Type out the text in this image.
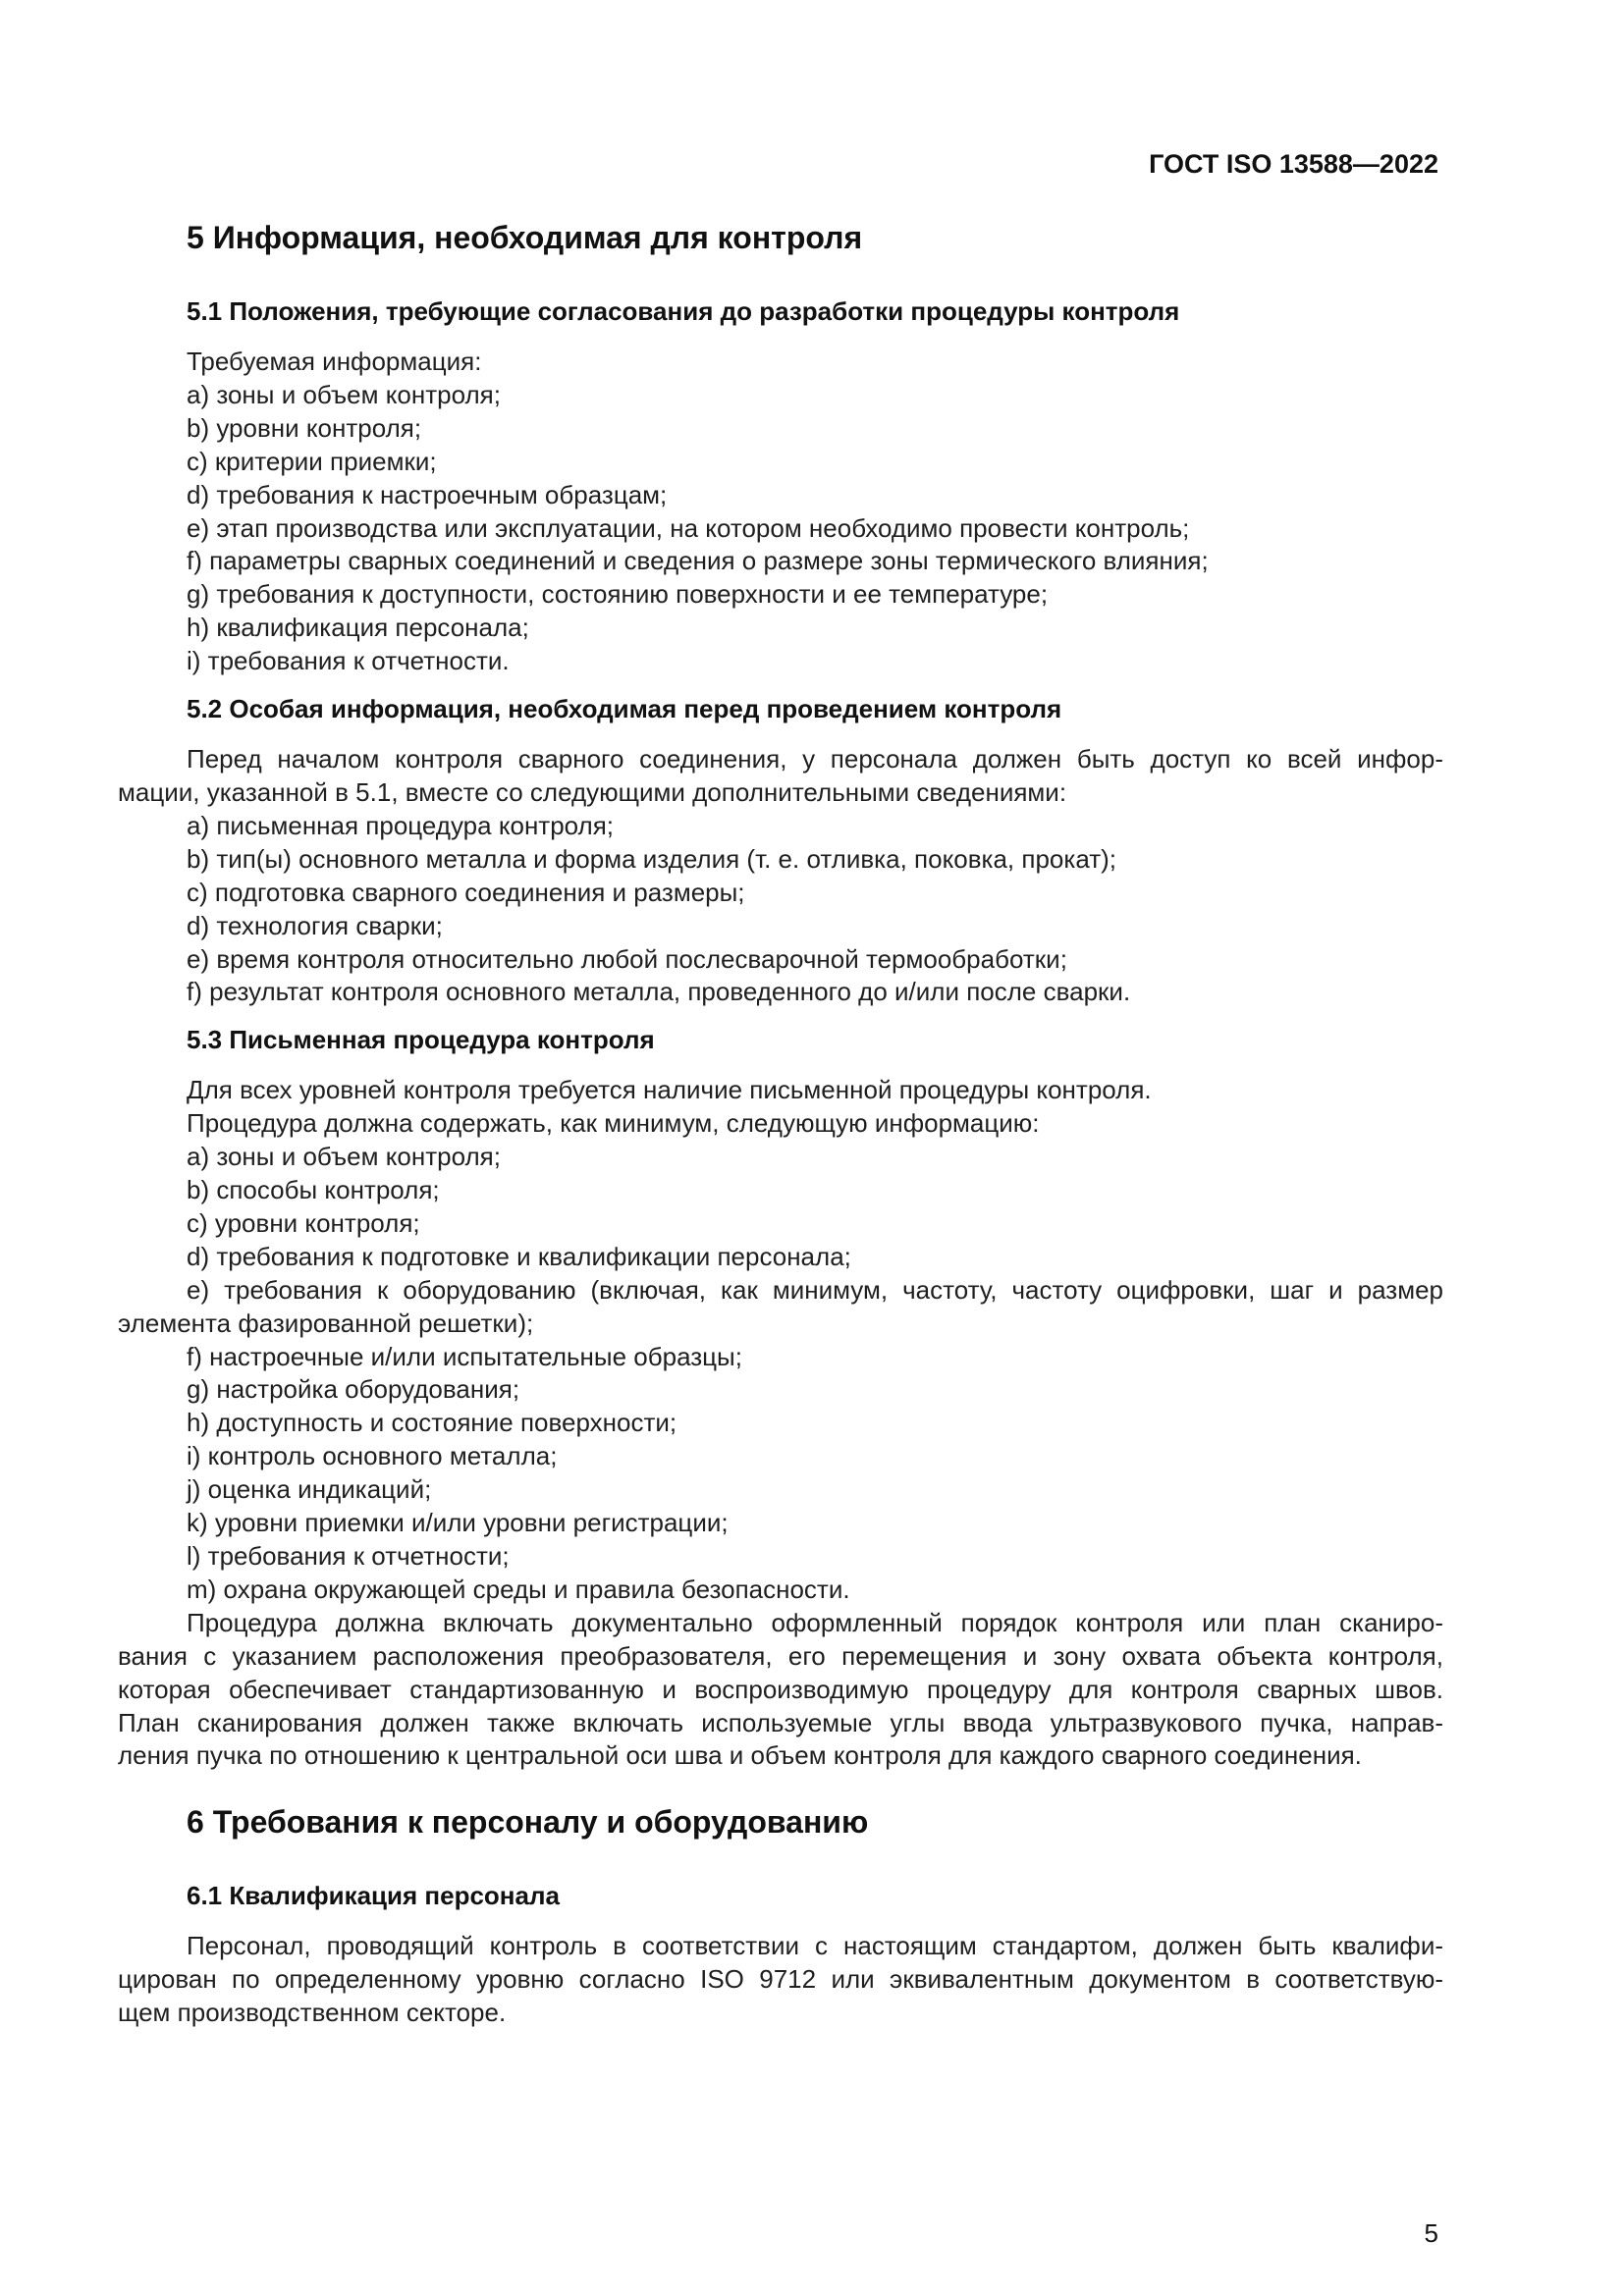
ГОСТ ISO 13588—2022
5 Информация, необходимая для контроля
5.1 Положения, требующие согласования до разработки процедуры контроля

Требуемая информация:

a) зоны и объем контроля;

b) уровни контроля;

c) критерии приемки;

d) требования к настроечным образцам;

e) этап производства или эксплуатации, на котором необходимо провести контроль;

f) параметры сварных соединений и сведения о размере зоны термического влияния;

g) требования к доступности, состоянию поверхности и ее температуре;

h) квалификация персонала;

i) требования к отчетности.

5.2 Особая информация, необходимая перед проведением контроля

Перед началом контроля сварного соединения, у персонала должен быть доступ ко всей инфор-

мации, указанной в 5.1, вместе со следующими дополнительными сведениями:

a) письменная процедура контроля;

b) тип(ы) основного металла и форма изделия (т. е. отливка, поковка, прокат);

c) подготовка сварного соединения и размеры;

d) технология сварки;

e) время контроля относительно любой послесварочной термообработки;

f) результат контроля основного металла, проведенного до и/или после сварки.

5.3 Письменная процедура контроля

Для всех уровней контроля требуется наличие письменной процедуры контроля.

Процедура должна содержать, как минимум, следующую информацию:

a) зоны и объем контроля;

b) способы контроля;

c) уровни контроля;

d) требования к подготовке и квалификации персонала;

e) требования к оборудованию (включая, как минимум, частоту, частоту оцифровки, шаг и размер

элемента фазированной решетки);

f) настроечные и/или испытательные образцы;

g) настройка оборудования;

h) доступность и состояние поверхности;

i) контроль основного металла;

j) оценка индикаций;

k) уровни приемки и/или уровни регистрации;

l) требования к отчетности;

m) охрана окружающей среды и правила безопасности.

Процедура должна включать документально оформленный порядок контроля или план сканиро-

вания с указанием расположения преобразователя, его перемещения и зону охвата объекта контроля,

которая обеспечивает стандартизованную и воспроизводимую процедуру для контроля сварных швов.

План сканирования должен также включать используемые углы ввода ультразвукового пучка, направ-

ления пучка по отношению к центральной оси шва и объем контроля для каждого сварного соединения.

6 Требования к персоналу и оборудованию
6.1 Квалификация персонала

Персонал, проводящий контроль в соответствии с настоящим стандартом, должен быть квалифи-

цирован по определенному уровню согласно ISO 9712 или эквивалентным документом в соответствую-

щем производственном секторе.

5
